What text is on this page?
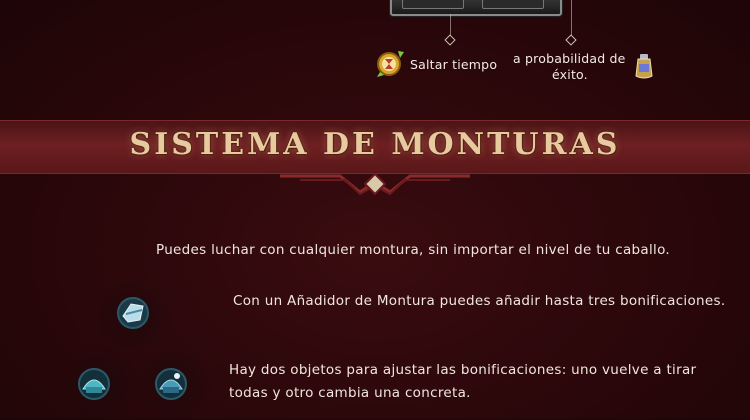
Saltar tiempo a probabilidad de
éxito.
SISTEMA DE MONTURAS
Puedes luchar con cualquier montura, sin importar el nivel de tu caballo.
Con un Añadidor de Montura puedes añadir hasta tres bonificaciones.
Hay dos objetos para ajustar las bonificaciones: uno vuelve a tirar
todas y otro cambia una concreta.
